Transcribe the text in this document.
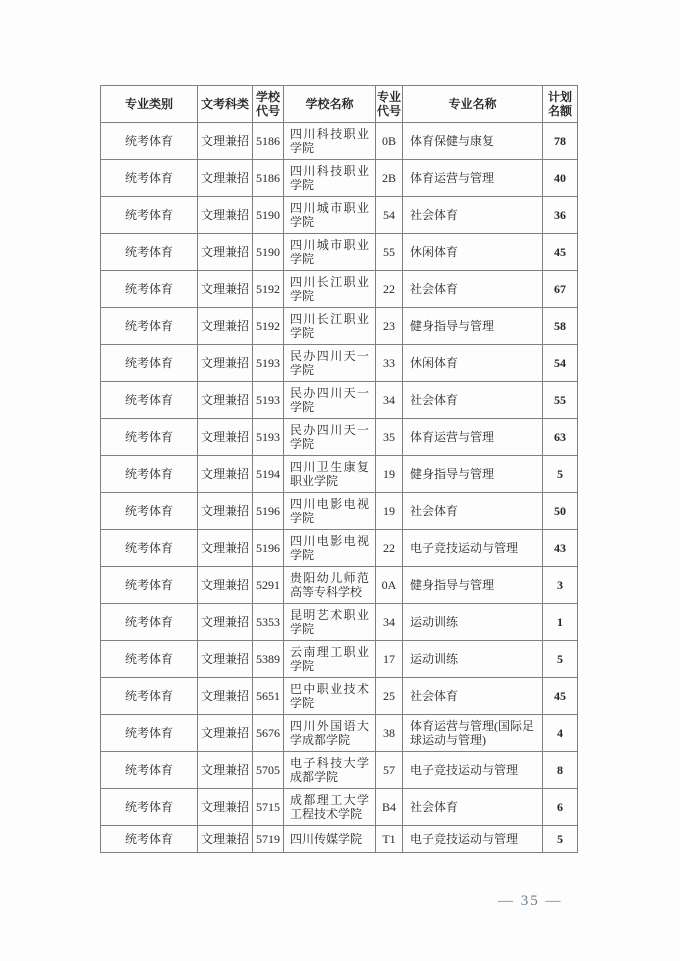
专业类别	文考科类	学校代号	学校名称	专业代号	专业名称	计划名额
统考体育	文理兼招	5186	四川科技职业学院	0B	体育保健与康复	78
统考体育	文理兼招	5186	四川科技职业学院	2B	体育运营与管理	40
统考体育	文理兼招	5190	四川城市职业学院	54	社会体育	36
统考体育	文理兼招	5190	四川城市职业学院	55	休闲体育	45
统考体育	文理兼招	5192	四川长江职业学院	22	社会体育	67
统考体育	文理兼招	5192	四川长江职业学院	23	健身指导与管理	58
统考体育	文理兼招	5193	民办四川天一学院	33	休闲体育	54
统考体育	文理兼招	5193	民办四川天一学院	34	社会体育	55
统考体育	文理兼招	5193	民办四川天一学院	35	体育运营与管理	63
统考体育	文理兼招	5194	四川卫生康复职业学院	19	健身指导与管理	5
统考体育	文理兼招	5196	四川电影电视学院	19	社会体育	50
统考体育	文理兼招	5196	四川电影电视学院	22	电子竞技运动与管理	43
统考体育	文理兼招	5291	贵阳幼儿师范高等专科学校	0A	健身指导与管理	3
统考体育	文理兼招	5353	昆明艺术职业学院	34	运动训练	1
统考体育	文理兼招	5389	云南理工职业学院	17	运动训练	5
统考体育	文理兼招	5651	巴中职业技术学院	25	社会体育	45
统考体育	文理兼招	5676	四川外国语大学成都学院	38	体育运营与管理(国际足球运动与管理)	4
统考体育	文理兼招	5705	电子科技大学成都学院	57	电子竞技运动与管理	8
统考体育	文理兼招	5715	成都理工大学工程技术学院	B4	社会体育	6
统考体育	文理兼招	5719	四川传媒学院	T1	电子竞技运动与管理	5
— 35 —
